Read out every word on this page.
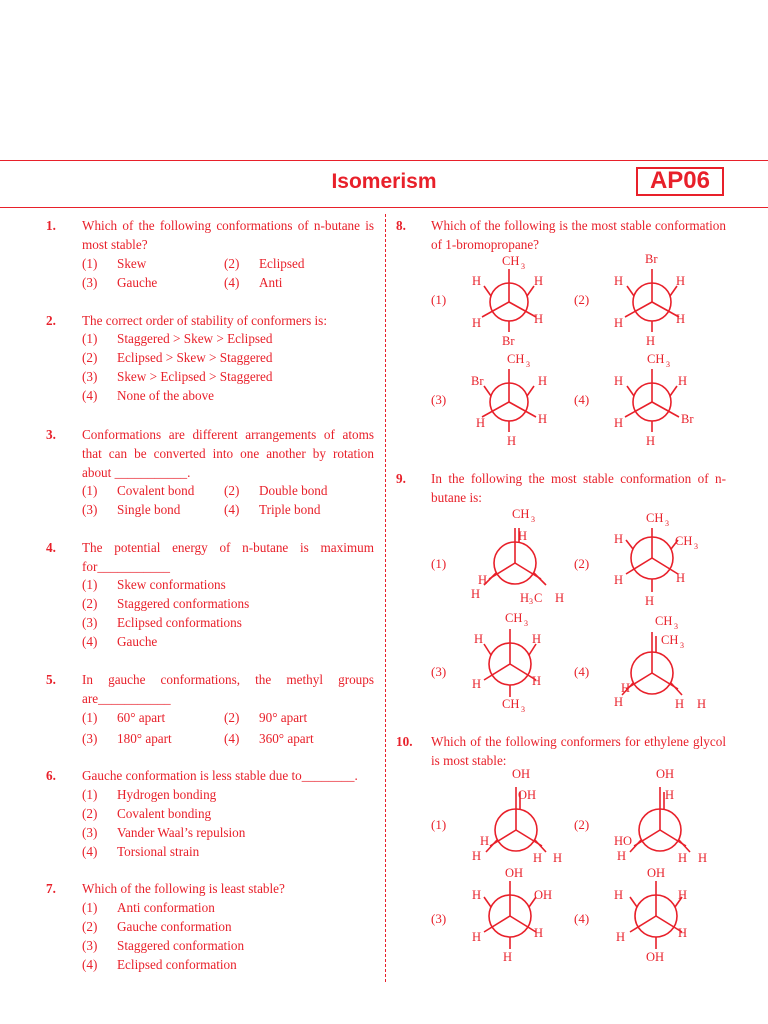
Isomerism	AP06
1. Which of the following conformations of n-butane is most stable?
(1) Skew	(2) Eclipsed
(3) Gauche	(4) Anti
2. The correct order of stability of conformers is:
(1) Staggered > Skew > Eclipsed
(2) Eclipsed > Skew > Staggered
(3) Skew > Eclipsed > Staggered
(4) None of the above
3. Conformations are different arrangements of atoms that can be converted into one another by rotation about ___________.
(1) Covalent bond (2) Double bond
(3) Single bond	(4) Triple bond
4. The potential energy of n-butane is maximum for___________
(1) Skew conformations
(2) Staggered conformations
(3) Eclipsed conformations
(4) Gauche
5. In gauche conformations, the methyl groups are___________
(1) 60° apart	(2) 90° apart
(3) 180° apart	(4) 360° apart
6. Gauche conformation is less stable due to________.
(1) Hydrogen bonding
(2) Covalent bonding
(3) Vander Waal’s repulsion
(4) Torsional strain
7. Which of the following is least stable?
(1) Anti conformation
(2) Gauche conformation
(3) Staggered conformation
(4) Eclipsed conformation
8. Which of the following is the most stable conformation of 1-bromopropane?
(1)	(2)
(3)	(4)
9. In the following the most stable conformation of n-butane is:
(1)	(2)
(3)	(4)
10. Which of the following conformers for ethylene glycol is most stable:
(1)	(2)
(3)	(4)
CH 3
H	H
H	H
Br
Br
H	H
H	H
H
CH 3
Br	H
H	H
H
CH 3
H	H
H	Br
H
CH 3
H
H
H	H 3 C H
CH 3
H	CH 3
H	H
H
CH 3
H	H
H	H
CH 3
CH 3
CH 3
H
H	H H
OH
OH
H
H	H H
OH
H
HO
H	H H
OH
H	OH
H	H
H
OH
H	H
H	H
OH
